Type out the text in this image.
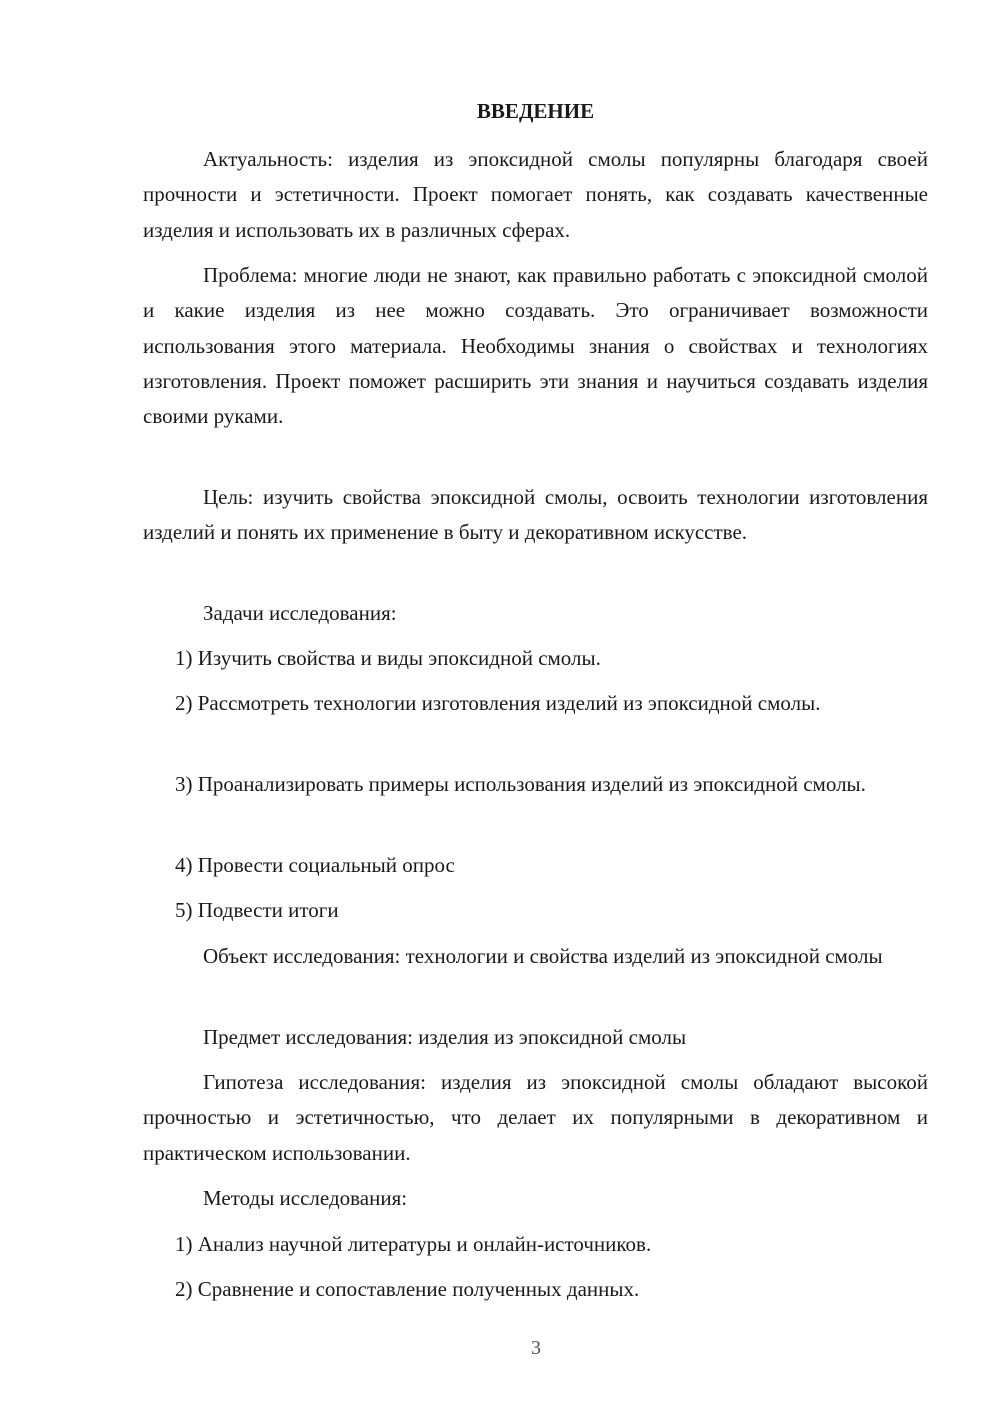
ВВЕДЕНИЕ

Актуальность: изделия из эпоксидной смолы популярны благодаря своей прочности и эстетичности. Проект помогает понять, как создавать качественные изделия и использовать их в различных сферах.

Проблема: многие люди не знают, как правильно работать с эпоксидной смолой и какие изделия из нее можно создавать. Это ограничивает возможности использования этого материала. Необходимы знания о свойствах и технологиях изготовления. Проект поможет расширить эти знания и научиться создавать изделия своими руками.

Цель: изучить свойства эпоксидной смолы, освоить технологии изготовления изделий и понять их применение в быту и декоративном искусстве.

Задачи исследования:

1) Изучить свойства и виды эпоксидной смолы.

2) Рассмотреть технологии изготовления изделий из эпоксидной смолы.

3) Проанализировать примеры использования изделий из эпоксидной смолы.

4) Провести социальный опрос

5) Подвести итоги

Объект исследования: технологии и свойства изделий из эпоксидной смолы

Предмет исследования: изделия из эпоксидной смолы

Гипотеза исследования: изделия из эпоксидной смолы обладают высокой прочностью и эстетичностью, что делает их популярными в декоративном и практическом использовании.

Методы исследования:

1) Анализ научной литературы и онлайн-источников.

2) Сравнение и сопоставление полученных данных.

3
